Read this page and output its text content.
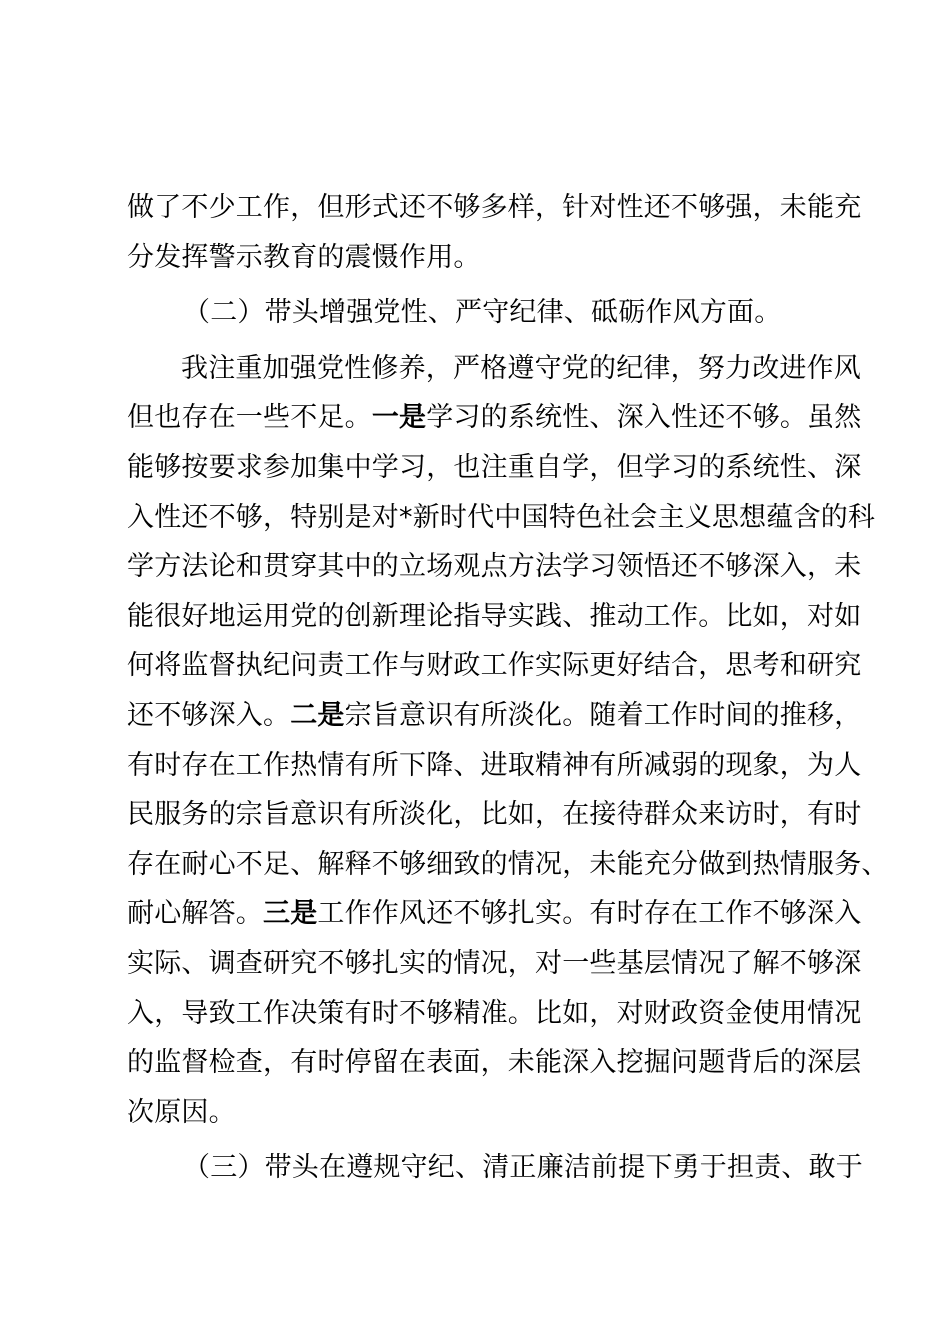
做了不少工作，但形式还不够多样，针对性还不够强，未能充
分发挥警示教育的震慑作用。
（二）带头增强党性、严守纪律、砥砺作风方面。
我注重加强党性修养，严格遵守党的纪律，努力改进作风
但也存在一些不足。一是学习的系统性、深入性还不够。虽然
能够按要求参加集中学习，也注重自学，但学习的系统性、深
入性还不够，特别是对*新时代中国特色社会主义思想蕴含的科
学方法论和贯穿其中的立场观点方法学习领悟还不够深入，未
能很好地运用党的创新理论指导实践、推动工作。比如，对如
何将监督执纪问责工作与财政工作实际更好结合，思考和研究
还不够深入。二是宗旨意识有所淡化。随着工作时间的推移，
有时存在工作热情有所下降、进取精神有所减弱的现象，为人
民服务的宗旨意识有所淡化，比如，在接待群众来访时，有时
存在耐心不足、解释不够细致的情况，未能充分做到热情服务、
耐心解答。三是工作作风还不够扎实。有时存在工作不够深入
实际、调查研究不够扎实的情况，对一些基层情况了解不够深
入，导致工作决策有时不够精准。比如，对财政资金使用情况
的监督检查，有时停留在表面，未能深入挖掘问题背后的深层
次原因。
（三）带头在遵规守纪、清正廉洁前提下勇于担责、敢于
